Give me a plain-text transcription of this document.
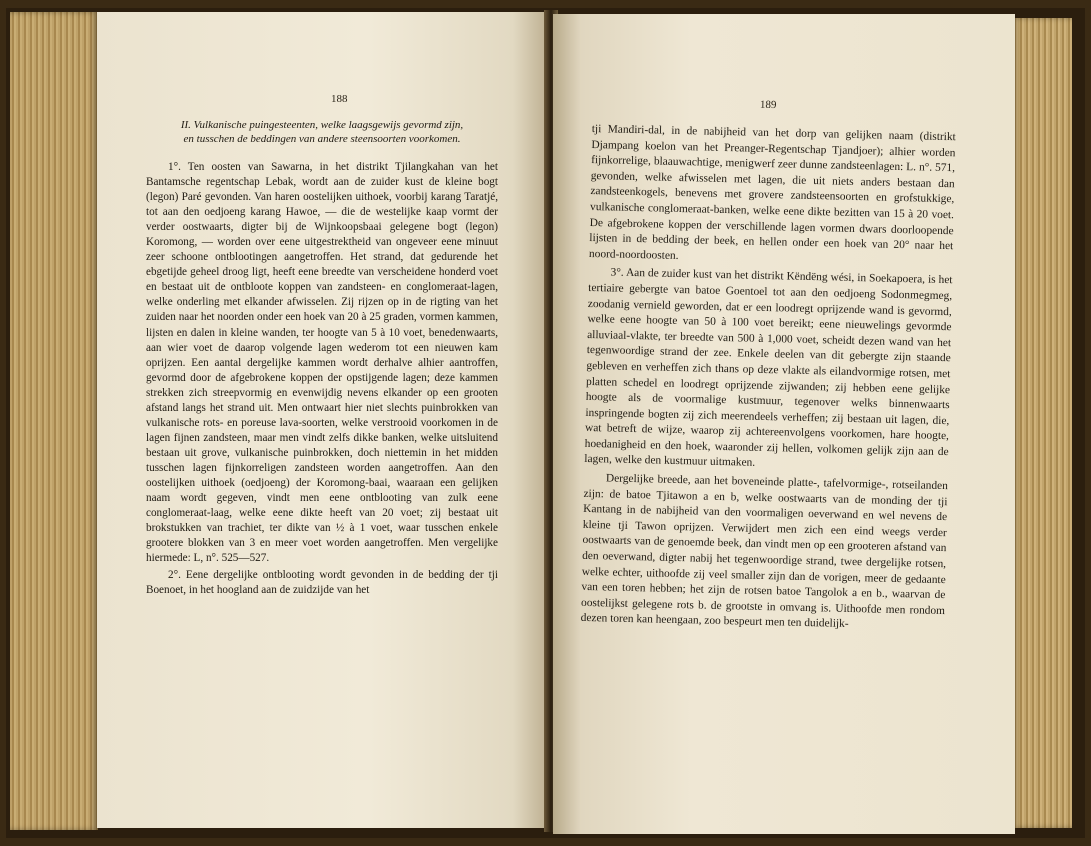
188	189
II. Vulkanische puingesteenten, welke laagsgewijs gevormd zijn,
en tusschen de beddingen van andere steensoorten voorkomen.

1°. Ten oosten van Sawarna, in het distrikt Tjilangkahan van het Bantamsche regentschap Lebak, wordt aan de zuider kust de kleine bogt (legon) Paré gevonden. Van haren oostelijken uithoek, voorbij karang Taratjé, tot aan den oedjoeng karang Hawoe, — die de westelijke kaap vormt der verder oostwaarts, digter bij de Wijnkoopsbaai gelegene bogt (legon) Koromong, — worden over eene uitgestrektheid van ongeveer eene minuut zeer schoone ontblootingen aangetroffen. Het strand, dat gedurende het ebgetijde geheel droog ligt, heeft eene breedte van verscheidene honderd voet en bestaat uit de ontbloote koppen van zandsteen- en conglomeraat-lagen, welke onderling met elkander afwisselen. Zij rijzen op in de rigting van het zuiden naar het noorden onder een hoek van 20 à 25 graden, vormen kammen, lijsten en dalen in kleine wanden, ter hoogte van 5 à 10 voet, benedenwaarts, aan wier voet de daarop volgende lagen wederom tot een nieuwen kam oprijzen. Een aantal dergelijke kammen wordt derhalve alhier aantroffen, gevormd door de afgebrokene koppen der opstijgende lagen; deze kammen strekken zich streepvormig en evenwijdig nevens elkander op een grooten afstand langs het strand uit. Men ontwaart hier niet slechts puinbrokken van vulkanische rots- en poreuse lava-soorten, welke verstrooid voorkomen in de lagen fijnen zandsteen, maar men vindt zelfs dikke banken, welke uitsluitend bestaan uit grove, vulkanische puinbrokken, doch niettemin in het midden tusschen lagen fijnkorreligen zandsteen worden aangetroffen. Aan den oostelijken uithoek (oedjoeng) der Koromong-baai, waaraan een gelijken naam wordt gegeven, vindt men eene ontblooting van zulk eene conglomeraat-laag, welke eene dikte heeft van 20 voet; zij bestaat uit brokstukken van trachiet, ter dikte van ½ à 1 voet, waar tusschen enkele grootere blokken van 3 en meer voet worden aangetroffen. Men vergelijke hiermede: L, n°. 525—527.

2°. Eene dergelijke ontblooting wordt gevonden in de bedding der tji Boenoet, in het hoogland aan de zuidzijde van het

tji Mandiri-dal, in de nabijheid van het dorp van gelijken naam (distrikt Djampang koelon van het Preanger-Regentschap Tjandjoer); alhier worden fijnkorrelige, blaauwachtige, menigwerf zeer dunne zandsteenlagen: L. n°. 571, gevonden, welke afwisselen met lagen, die uit niets anders bestaan dan zandsteenkogels, benevens met grovere zandsteensoorten en grofstukkige, vulkanische conglomeraat-banken, welke eene dikte bezitten van 15 à 20 voet. De afgebrokene koppen der verschillende lagen vormen dwars doorloopende lijsten in de bedding der beek, en hellen onder een hoek van 20° naar het noord-noordoosten.

3°. Aan de zuider kust van het distrikt Këndëng wési, in Soekapoera, is het tertiaire gebergte van batoe Goentoel tot aan den oedjoeng Sodonmegmeg, zoodanig vernield geworden, dat er een loodregt oprijzende wand is gevormd, welke eene hoogte van 50 à 100 voet bereikt; eene nieuwelings gevormde alluviaal-vlakte, ter breedte van 500 à 1,000 voet, scheidt dezen wand van het tegenwoordige strand der zee. Enkele deelen van dit gebergte zijn staande gebleven en verheffen zich thans op deze vlakte als eilandvormige rotsen, met platten schedel en loodregt oprijzende zijwanden; zij hebben eene gelijke hoogte als de voormalige kustmuur, tegenover welks binnenwaarts inspringende bogten zij zich meerendeels verheffen; zij bestaan uit lagen, die, wat betreft de wijze, waarop zij achtereenvolgens voorkomen, hare hoogte, hoedanigheid en den hoek, waaronder zij hellen, volkomen gelijk zijn aan de lagen, welke den kustmuur uitmaken.

Dergelijke breede, aan het boveneinde platte-, tafelvormige-, rotseilanden zijn: de batoe Tjitawon a en b, welke oostwaarts van de monding der tji Kantang in de nabijheid van den voormaligen oeverwand en wel nevens de kleine tji Tawon oprijzen. Verwijdert men zich een eind weegs verder oostwaarts van de genoemde beek, dan vindt men op een grooteren afstand van den oeverwand, digter nabij het tegenwoordige strand, twee dergelijke rotsen, welke echter, uithoofde zij veel smaller zijn dan de vorigen, meer de gedaante van een toren hebben; het zijn de rotsen batoe Tangolok a en b., waarvan de oostelijkst gelegene rots b. de grootste in omvang is. Uithoofde men rondom dezen toren kan heengaan, zoo bespeurt men ten duidelijk-
